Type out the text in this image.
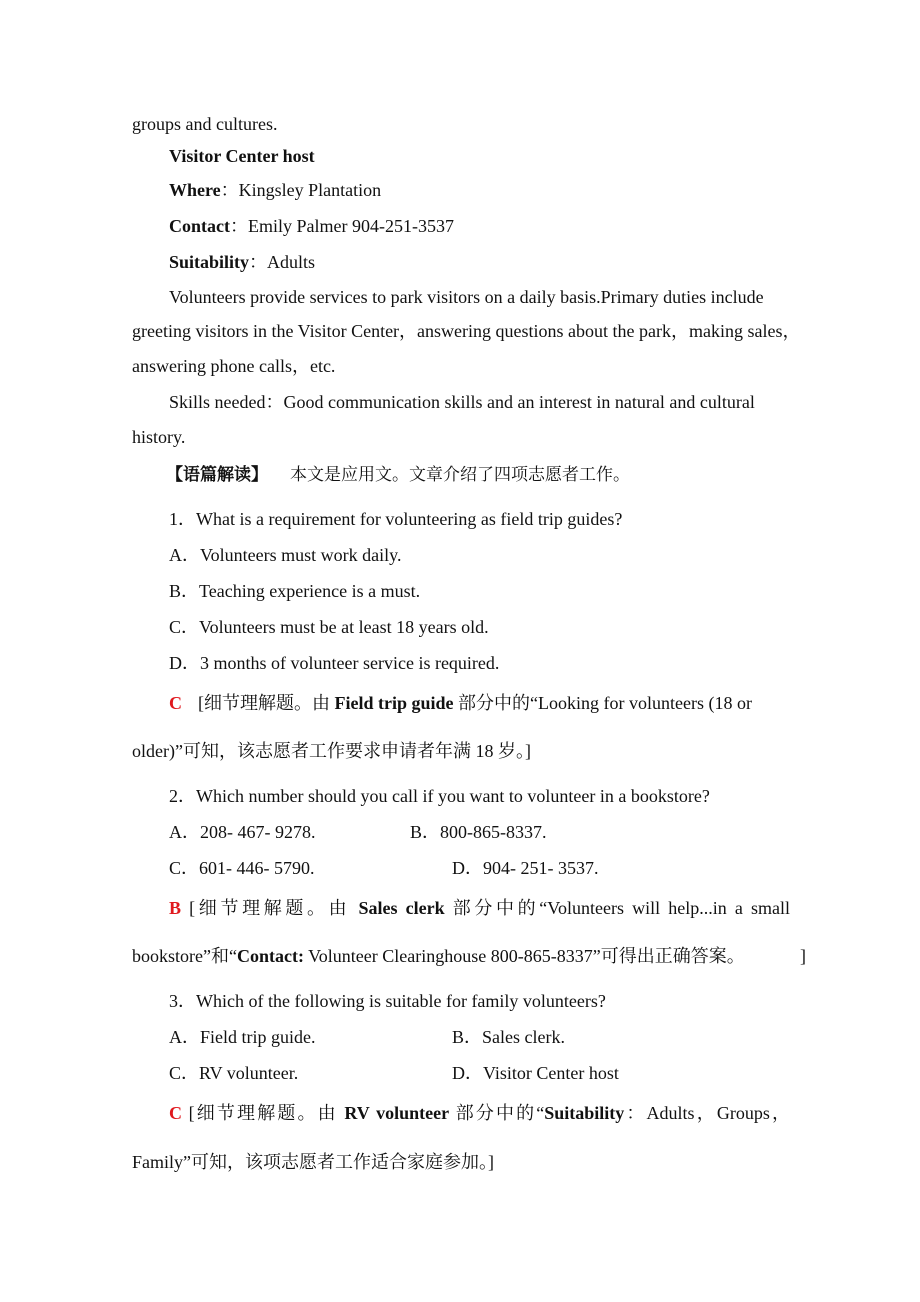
groups and cultures.
Visitor Center host
Where：Kingsley Plantation
Contact：Emily Palmer 904-251-3537
Suitability：Adults
Volunteers provide services to park visitors on a daily basis.Primary duties include
greeting visitors in the Visitor Center，answering questions about the park，making sales，
answering phone calls，etc.
Skills needed：Good communication skills and an interest in natural and cultural
history.
【语篇解读】 本文是应用文。文章介绍了四项志愿者工作。
1．What is a requirement for volunteering as field trip guides?
A．Volunteers must work daily.
B．Teaching experience is a must.
C．Volunteers must be at least 18 years old.
D．3 months of volunteer service is required.
C [细节理解题。由 Field trip guide 部分中的“Looking for volunteers (18 or
older)”可知，该志愿者工作要求申请者年满 18 岁。]
2．Which number should you call if you want to volunteer in a bookstore?
A．208- 467- 9278.	B．800-865-8337.
C．601- 446- 5790.	D．904- 251- 3537.
B [细节理解题。由 Sales clerk 部分中的“Volunteers will help...in a small
bookstore”和“Contact: Volunteer Clearinghouse 800-865-8337”可得出正确答案。	]
3．Which of the following is suitable for family volunteers?
A．Field trip guide.	B．Sales clerk.
C．RV volunteer.	D．Visitor Center host
C [细节理解题。由 RV volunteer 部分中的“Suitability：Adults，Groups，
Family”可知，该项志愿者工作适合家庭参加。]
